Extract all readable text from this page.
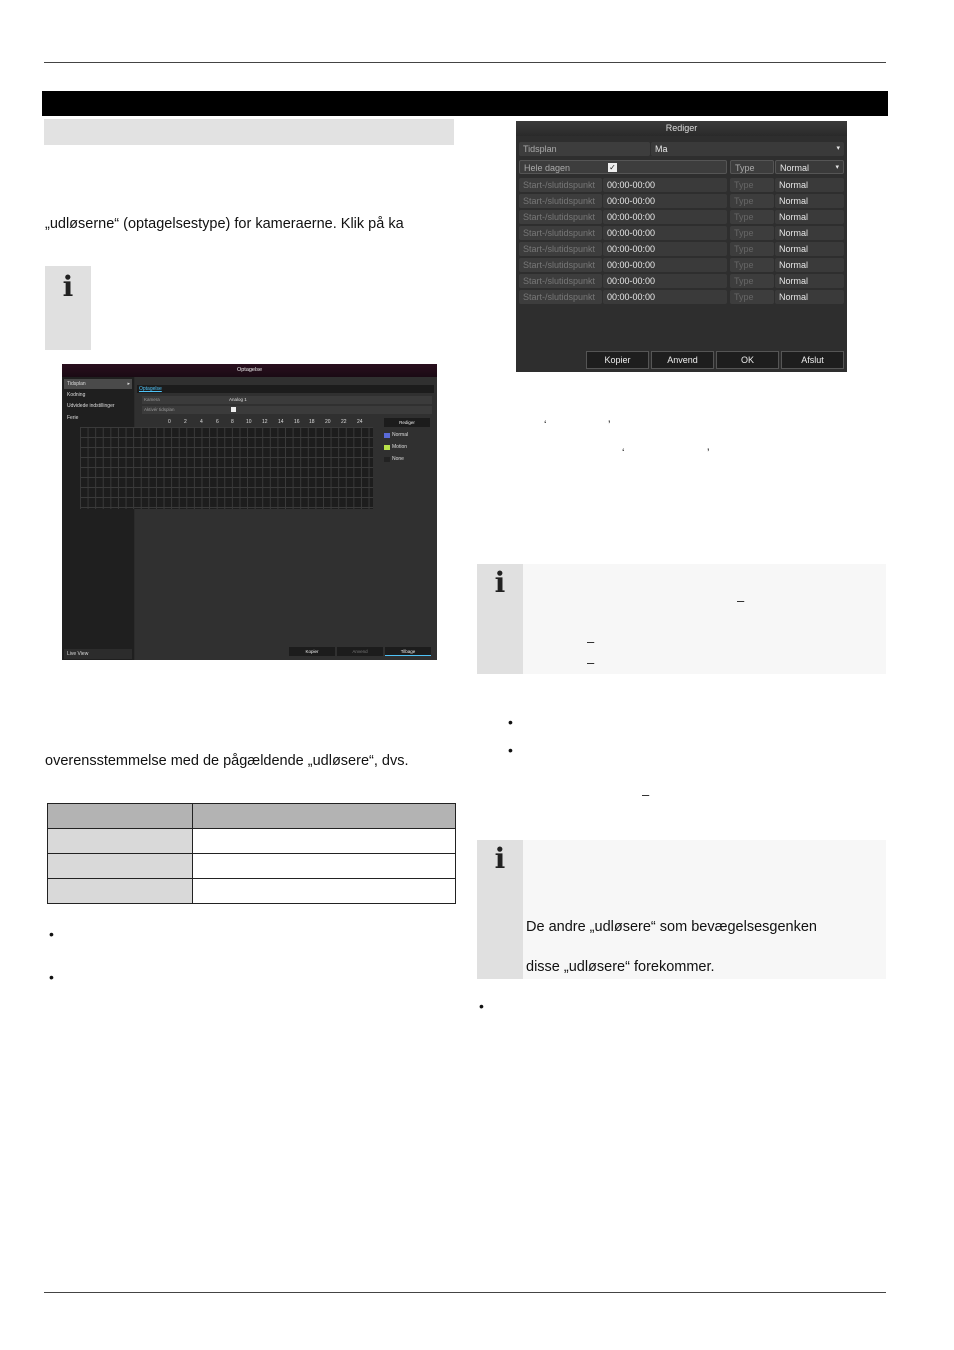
„udløserne“ (optagelsestype) for kameraerne. Klik på ka
i
Optagelse
Tidsplan	▸
Kodning
Udvidede indstillinger
Ferie
Live View
Optagelse
Kamera	Analog 1
Aktivér tidsplan
0	2	4	6 8 10 12 14 16 18 20 22 24	Rediger
Normal
Motion
None
Kopier	Anvend	Tilbage
overensstemmelse med de pågældende „udløsere“, dvs.

•
•
Rediger
Tidsplan	Ma	▾
Hele dagen	✓	Type	Normal	▾
Start-/slutidspunkt	00:00-00:00	Type	Normal
Start-/slutidspunkt	00:00-00:00	Type	Normal
Start-/slutidspunkt	00:00-00:00	Type	Normal
Start-/slutidspunkt	00:00-00:00	Type	Normal
Start-/slutidspunkt	00:00-00:00	Type	Normal
Start-/slutidspunkt	00:00-00:00	Type	Normal
Start-/slutidspunkt	00:00-00:00	Type	Normal
Start-/slutidspunkt	00:00-00:00	Type	Normal
Kopier	Anvend	OK	Afslut
‘	’
‘	’
i
–
–
–
•
•
–
i
De andre „udløsere“ som bevægelsesgenken
disse „udløsere“ forekommer.
•
